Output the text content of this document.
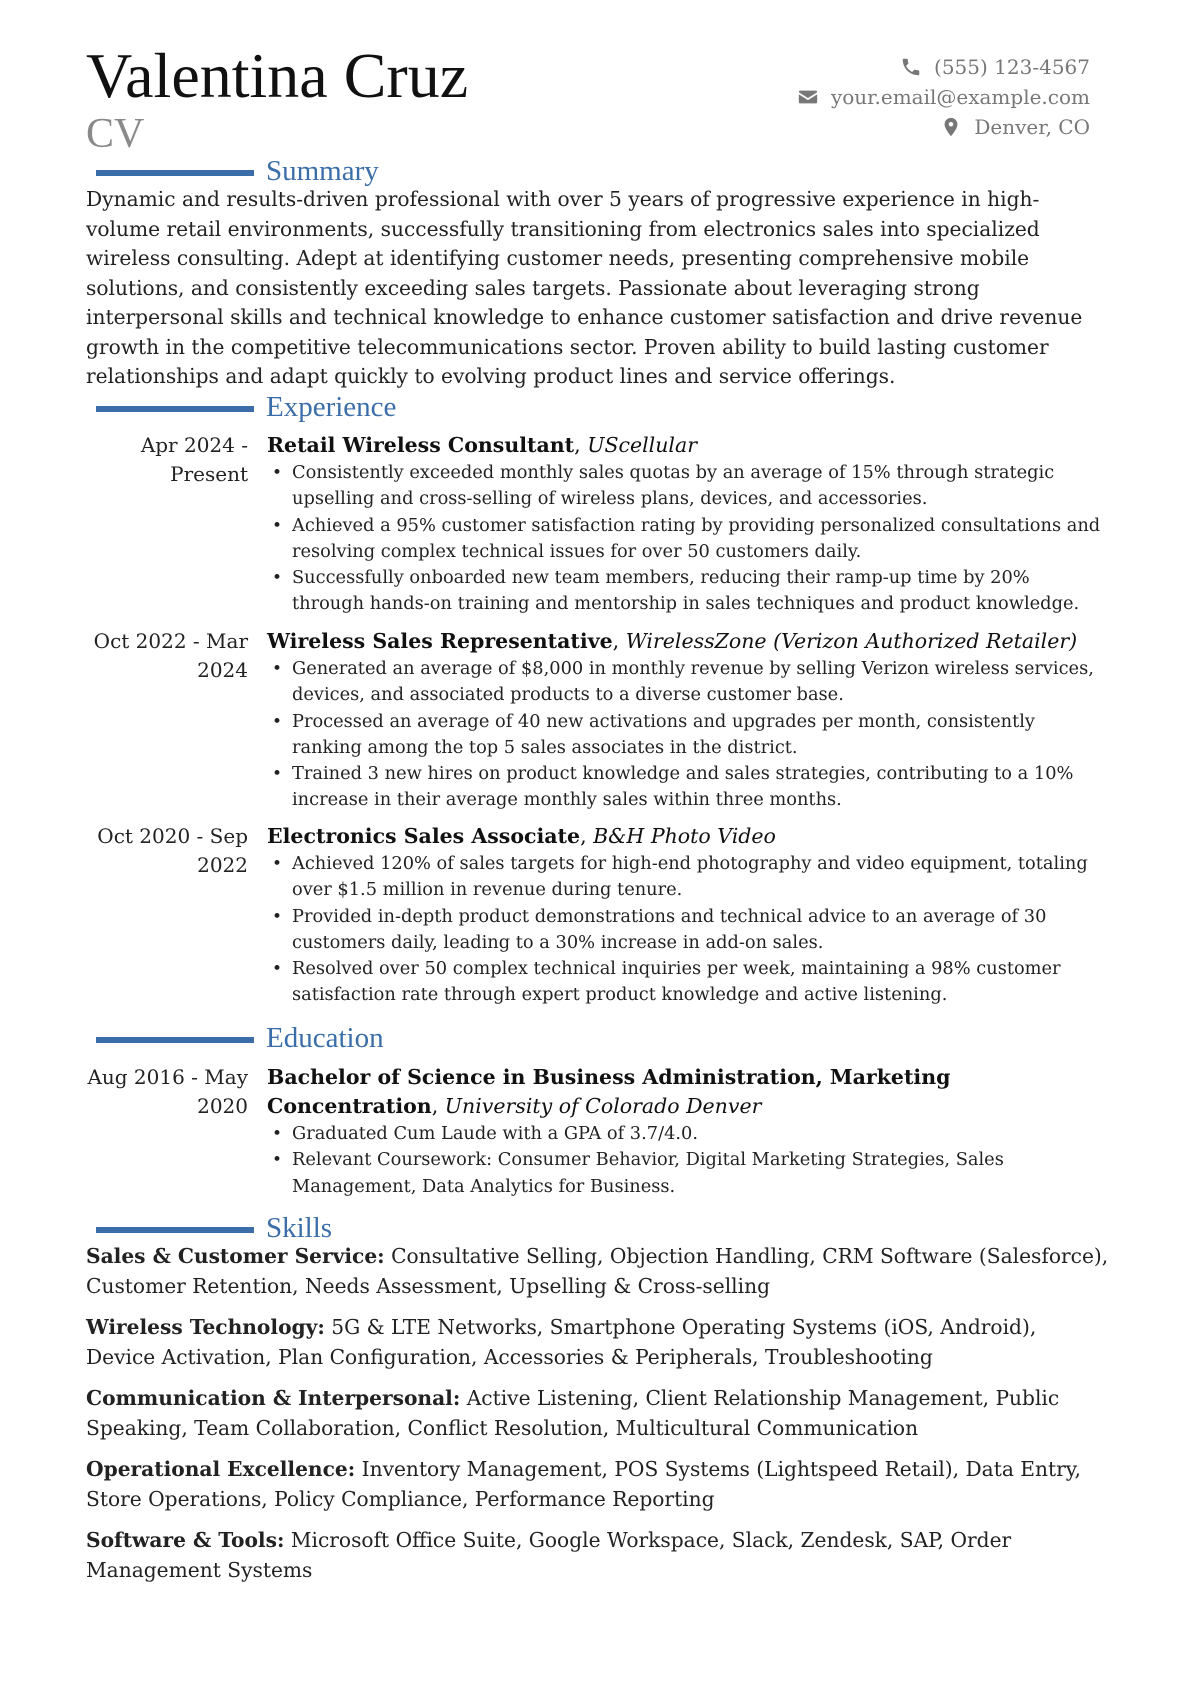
Valentina Cruz
CV
(555) 123-4567
your.email@example.com
Denver, CO
Summary
Dynamic and results-driven professional with over 5 years of progressive experience in high-volume retail environments, successfully transitioning from electronics sales into specialized wireless consulting. Adept at identifying customer needs, presenting comprehensive mobile solutions, and consistently exceeding sales targets. Passionate about leveraging strong interpersonal skills and technical knowledge to enhance customer satisfaction and drive revenue growth in the competitive telecommunications sector. Proven ability to build lasting customer relationships and adapt quickly to evolving product lines and service offerings.
Experience
Apr 2024 - Present
Retail Wireless Consultant, UScellular
• Consistently exceeded monthly sales quotas by an average of 15% through strategic upselling and cross-selling of wireless plans, devices, and accessories.
• Achieved a 95% customer satisfaction rating by providing personalized consultations and resolving complex technical issues for over 50 customers daily.
• Successfully onboarded new team members, reducing their ramp-up time by 20% through hands-on training and mentorship in sales techniques and product knowledge.
Oct 2022 - Mar 2024
Wireless Sales Representative, WirelessZone (Verizon Authorized Retailer)
• Generated an average of $8,000 in monthly revenue by selling Verizon wireless services, devices, and associated products to a diverse customer base.
• Processed an average of 40 new activations and upgrades per month, consistently ranking among the top 5 sales associates in the district.
• Trained 3 new hires on product knowledge and sales strategies, contributing to a 10% increase in their average monthly sales within three months.
Oct 2020 - Sep 2022
Electronics Sales Associate, B&H Photo Video
• Achieved 120% of sales targets for high-end photography and video equipment, totaling over $1.5 million in revenue during tenure.
• Provided in-depth product demonstrations and technical advice to an average of 30 customers daily, leading to a 30% increase in add-on sales.
• Resolved over 50 complex technical inquiries per week, maintaining a 98% customer satisfaction rate through expert product knowledge and active listening.
Education
Aug 2016 - May 2020
Bachelor of Science in Business Administration, Marketing Concentration, University of Colorado Denver
• Graduated Cum Laude with a GPA of 3.7/4.0.
• Relevant Coursework: Consumer Behavior, Digital Marketing Strategies, Sales Management, Data Analytics for Business.
Skills
Sales & Customer Service: Consultative Selling, Objection Handling, CRM Software (Salesforce), Customer Retention, Needs Assessment, Upselling & Cross-selling
Wireless Technology: 5G & LTE Networks, Smartphone Operating Systems (iOS, Android), Device Activation, Plan Configuration, Accessories & Peripherals, Troubleshooting
Communication & Interpersonal: Active Listening, Client Relationship Management, Public Speaking, Team Collaboration, Conflict Resolution, Multicultural Communication
Operational Excellence: Inventory Management, POS Systems (Lightspeed Retail), Data Entry, Store Operations, Policy Compliance, Performance Reporting
Software & Tools: Microsoft Office Suite, Google Workspace, Slack, Zendesk, SAP, Order Management Systems
